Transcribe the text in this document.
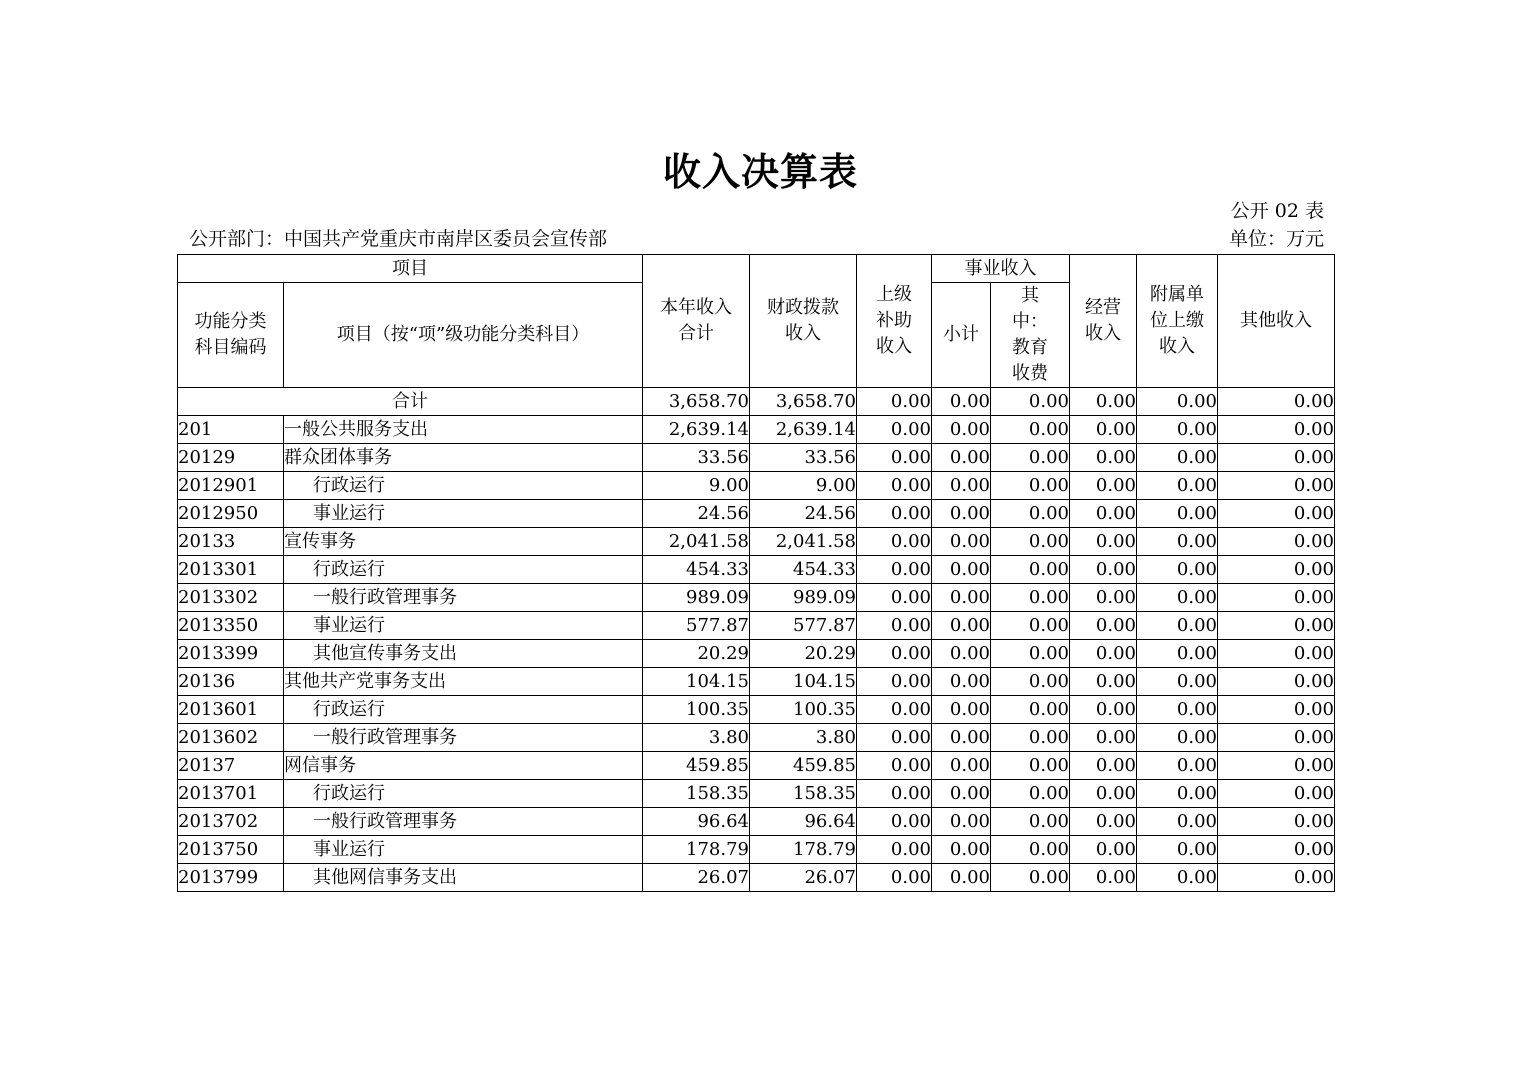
收入决算表
公开 02 表
公开部门：中国共产党重庆市南岸区委员会宣传部	单位：万元
项目		本年收入合计	财政拨款收入	上级补助收入	事业收入		经营收入	附属单位上缴收入	其他收入
功能分类科目编码	项目（按“项”级功能分类科目）				小计	其中：教育收费			
合计		3,658.70	3,658.70	0.00	0.00	0.00	0.00	0.00	0.00
201	一般公共服务支出	2,639.14	2,639.14	0.00	0.00	0.00	0.00	0.00	0.00
20129	群众团体事务	33.56	33.56	0.00	0.00	0.00	0.00	0.00	0.00
2012901	行政运行	9.00	9.00	0.00	0.00	0.00	0.00	0.00	0.00
2012950	事业运行	24.56	24.56	0.00	0.00	0.00	0.00	0.00	0.00
20133	宣传事务	2,041.58	2,041.58	0.00	0.00	0.00	0.00	0.00	0.00
2013301	行政运行	454.33	454.33	0.00	0.00	0.00	0.00	0.00	0.00
2013302	一般行政管理事务	989.09	989.09	0.00	0.00	0.00	0.00	0.00	0.00
2013350	事业运行	577.87	577.87	0.00	0.00	0.00	0.00	0.00	0.00
2013399	其他宣传事务支出	20.29	20.29	0.00	0.00	0.00	0.00	0.00	0.00
20136	其他共产党事务支出	104.15	104.15	0.00	0.00	0.00	0.00	0.00	0.00
2013601	行政运行	100.35	100.35	0.00	0.00	0.00	0.00	0.00	0.00
2013602	一般行政管理事务	3.80	3.80	0.00	0.00	0.00	0.00	0.00	0.00
20137	网信事务	459.85	459.85	0.00	0.00	0.00	0.00	0.00	0.00
2013701	行政运行	158.35	158.35	0.00	0.00	0.00	0.00	0.00	0.00
2013702	一般行政管理事务	96.64	96.64	0.00	0.00	0.00	0.00	0.00	0.00
2013750	事业运行	178.79	178.79	0.00	0.00	0.00	0.00	0.00	0.00
2013799	其他网信事务支出	26.07	26.07	0.00	0.00	0.00	0.00	0.00	0.00
